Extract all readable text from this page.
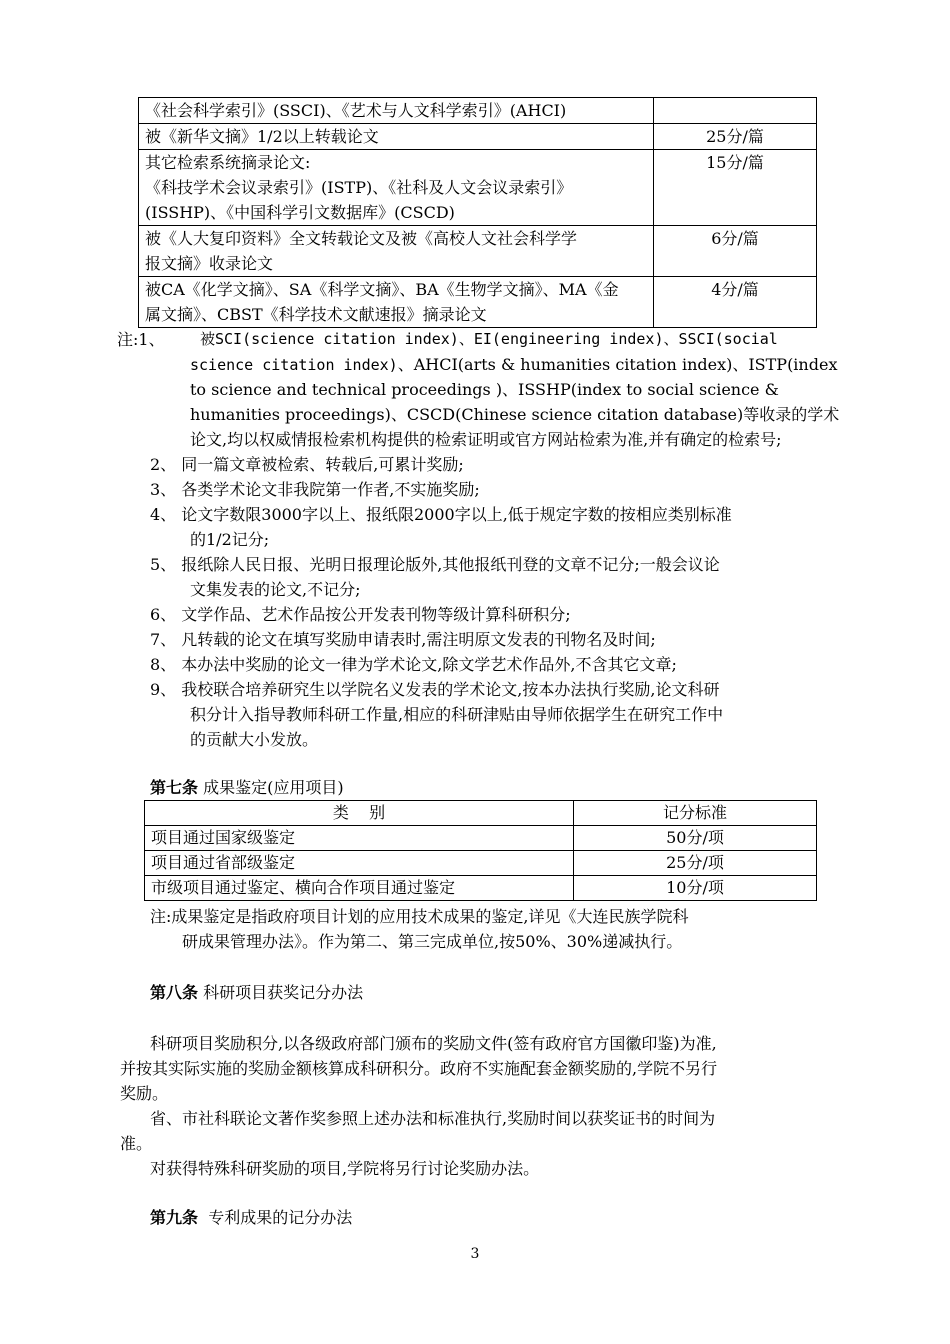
《社会科学索引》(SSCI)、《艺术与人文科学索引》(AHCI)	
被《新华文摘》1/2以上转载论文	25分/篇

其它检索系统摘录论文:
《科技学术会议录索引》(ISTP)、《社科及人文会议录索引》
(ISSHP)、《中国科学引文数据库》(CSCD)	15分/篇

被《人大复印资料》全文转载论文及被《高校人文社会科学学
报文摘》收录论文	6分/篇

被CA《化学文摘》、SA《科学文摘》、BA《生物学文摘》、MA《金
属文摘》、CBST《科学技术文献速报》摘录论文	4分/篇
注:1、 被SCI(science citation index)、EI(engineering index)、SSCI(social
science citation index)、AHCI(arts & humanities citation index)、ISTP(index
to science and technical proceedings )、ISSHP(index to social science & humanities proceedings)、CSCD(Chinese science citation database)等收录的学术论文,均以权威情报检索机构提供的检索证明或官方网站检索为准,并有确定的检索号;
2、 同一篇文章被检索、转载后,可累计奖励;
3、 各类学术论文非我院第一作者,不实施奖励;
4、 论文字数限3000字以上、报纸限2000字以上,低于规定字数的按相应类别标准
的1/2记分;
5、 报纸除人民日报、光明日报理论版外,其他报纸刊登的文章不记分;一般会议论
文集发表的论文,不记分;
6、 文学作品、艺术作品按公开发表刊物等级计算科研积分;
7、 凡转载的论文在填写奖励申请表时,需注明原文发表的刊物名及时间;
8、 本办法中奖励的论文一律为学术论文,除文学艺术作品外,不含其它文章;
9、 我校联合培养研究生以学院名义发表的学术论文,按本办法执行奖励,论文科研
积分计入指导教师科研工作量,相应的科研津贴由导师依据学生在研究工作中
的贡献大小发放。
第七条 成果鉴定(应用项目)
类    别	记分标准
项目通过国家级鉴定	50分/项
项目通过省部级鉴定	25分/项
市级项目通过鉴定、横向合作项目通过鉴定	10分/项
注:成果鉴定是指政府项目计划的应用技术成果的鉴定,详见《大连民族学院科
研成果管理办法》。作为第二、第三完成单位,按50%、30%递减执行。
第八条 科研项目获奖记分办法
科研项目奖励积分,以各级政府部门颁布的奖励文件(签有政府官方国徽印鉴)为准,
并按其实际实施的奖励金额核算成科研积分。政府不实施配套金额奖励的,学院不另行
奖励。
省、市社科联论文著作奖参照上述办法和标准执行,奖励时间以获奖证书的时间为
准。
对获得特殊科研奖励的项目,学院将另行讨论奖励办法。
第九条 专利成果的记分办法
3
